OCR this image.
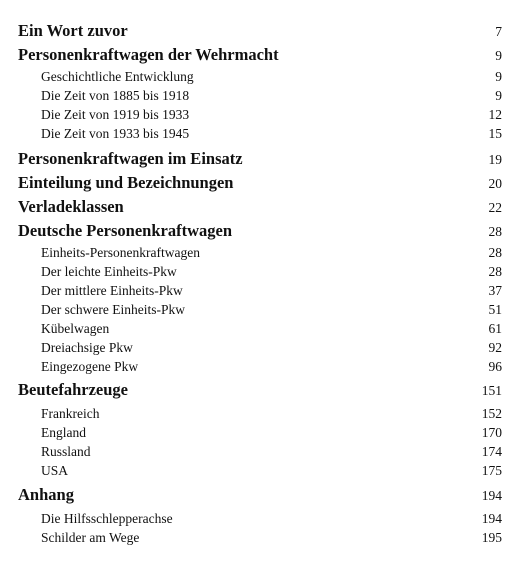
Ein Wort zuvor	7
Personenkraftwagen der Wehrmacht	9
Geschichtliche Entwicklung	9
Die Zeit von 1885 bis 1918	9
Die Zeit von 1919 bis 1933	12
Die Zeit von 1933 bis 1945	15
Personenkraftwagen im Einsatz	19
Einteilung und Bezeichnungen	20
Verladeklassen	22
Deutsche Personenkraftwagen	28
Einheits-Personenkraftwagen	28
Der leichte Einheits-Pkw	28
Der mittlere Einheits-Pkw	37
Der schwere Einheits-Pkw	51
Kübelwagen	61
Dreiachsige Pkw	92
Eingezogene Pkw	96
Beutefahrzeuge	151
Frankreich	152
England	170
Russland	174
USA	175
Anhang	194
Die Hilfsschlepperachse	194
Schilder am Wege	195
